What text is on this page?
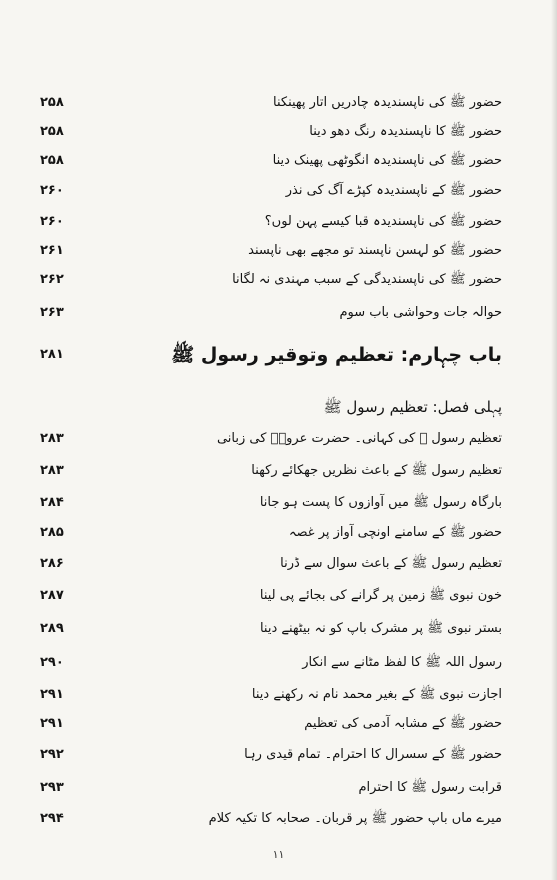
حضور ﷺ کی ناپسندیدہ چادریں اتار پھینکنا
۲۵۸
حضور ﷺ کا ناپسندیدہ رنگ دھو دینا
۲۵۸
حضور ﷺ کی ناپسندیدہ انگوٹھی پھینک دینا
۲۵۸
حضور ﷺ کے ناپسندیدہ کپڑے آگ کی نذر
۲۶۰
حضور ﷺ کی ناپسندیدہ قبا کیسے پہن لوں؟
۲۶۰
حضور ﷺ کو لہسن ناپسند تو مجھے بھی ناپسند
۲۶۱
حضور ﷺ کی ناپسندیدگی کے سبب مہندی نہ لگانا
۲۶۲
حوالہ جات وحواشی باب سوم
۲۶۳
باب چہارم: تعظیم وتوقیر رسول ﷺ
۲۸۱
پہلی فصل: تعظیم رسول ﷺ
تعظیم رسول ﷺ کی کہانی۔ حضرت عروہؓ کی زبانی
۲۸۳
تعظیم رسول ﷺ کے باعث نظریں جھکائے رکھنا
۲۸۳
بارگاہ رسول ﷺ میں آوازوں کا پست ہو جانا
۲۸۴
حضور ﷺ کے سامنے اونچی آواز پر غصہ
۲۸۵
تعظیم رسول ﷺ کے باعث سوال سے ڈرنا
۲۸۶
خون نبوی ﷺ زمین پر گرانے کی بجائے پی لینا
۲۸۷
بستر نبوی ﷺ پر مشرک باپ کو نہ بیٹھنے دینا
۲۸۹
رسول اللہ ﷺ کا لفظ مٹانے سے انکار
۲۹۰
اجازت نبوی ﷺ کے بغیر محمد نام نہ رکھنے دینا
۲۹۱
حضور ﷺ کے مشابہ آدمی کی تعظیم
۲۹۱
حضور ﷺ کے سسرال کا احترام۔ تمام قیدی رہا
۲۹۲
قرابت رسول ﷺ کا احترام
۲۹۳
میرے ماں باپ حضور ﷺ پر قربان۔ صحابہ کا تکیہ کلام
۲۹۴
۱۱
